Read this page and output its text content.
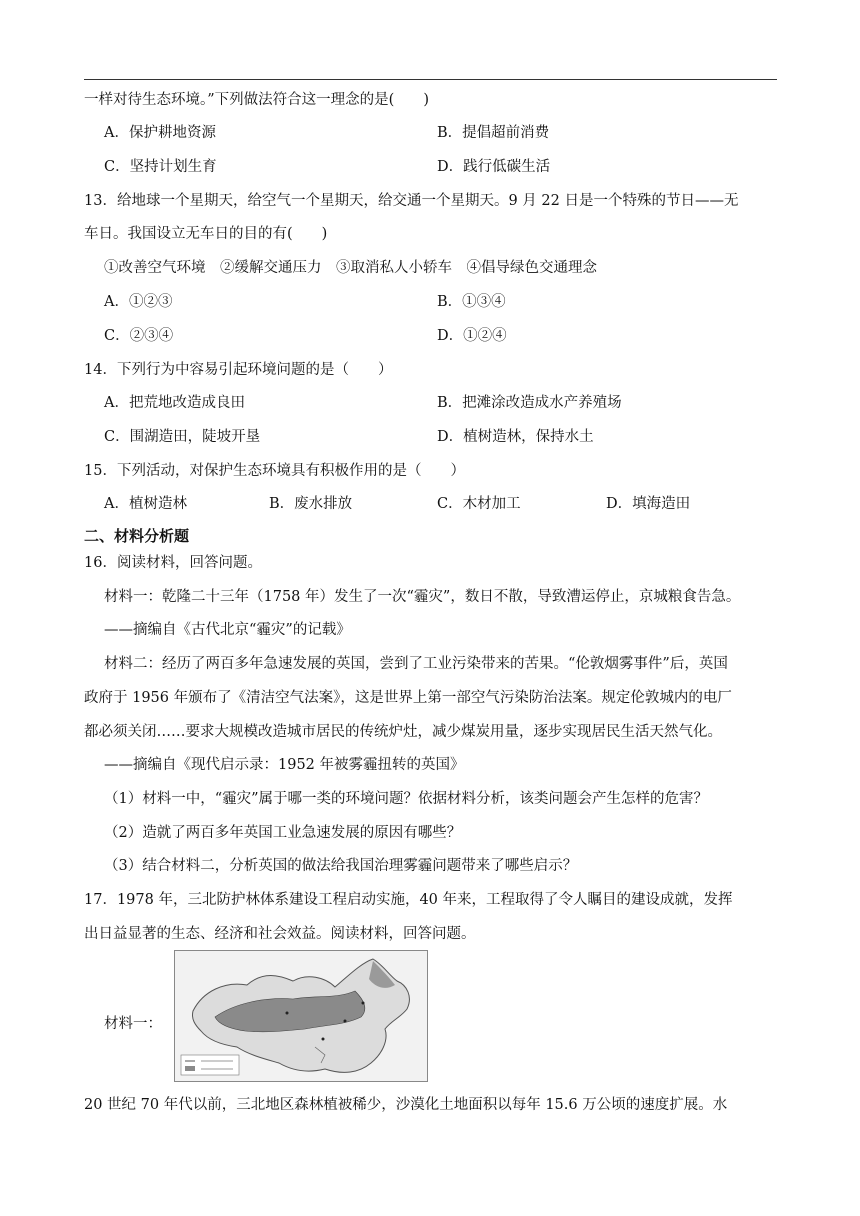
一样对待生态环境。”下列做法符合这一理念的是(　　)
A．保护耕地资源	B．提倡超前消费
C．坚持计划生育	D．践行低碳生活
13．给地球一个星期天，给空气一个星期天，给交通一个星期天。9 月 22 日是一个特殊的节日——无
车日。我国设立无车日的目的有(　　)
①改善空气环境　②缓解交通压力　③取消私人小轿车　④倡导绿色交通理念
A．①②③	B．①③④
C．②③④	D．①②④
14．下列行为中容易引起环境问题的是（　　）
A．把荒地改造成良田	B．把滩涂改造成水产养殖场
C．围湖造田，陡坡开垦	D．植树造林，保持水土
15．下列活动，对保护生态环境具有积极作用的是（　　）
A．植树造林	B．废水排放	C．木材加工	D．填海造田
二、材料分析题
16．阅读材料，回答问题。
材料一：乾隆二十三年（1758 年）发生了一次“霾灾”，数日不散，导致漕运停止，京城粮食告急。
——摘编自《古代北京“霾灾”的记载》
材料二：经历了两百多年急速发展的英国，尝到了工业污染带来的苦果。“伦敦烟雾事件”后，英国
政府于 1956 年颁布了《清洁空气法案》，这是世界上第一部空气污染防治法案。规定伦敦城内的电厂
都必须关闭……要求大规模改造城市居民的传统炉灶，减少煤炭用量，逐步实现居民生活天然气化。
——摘编自《现代启示录：1952 年被雾霾扭转的英国》
（1）材料一中，“霾灾”属于哪一类的环境问题？依据材料分析，该类问题会产生怎样的危害？
（2）造就了两百多年英国工业急速发展的原因有哪些？
（3）结合材料二，分析英国的做法给我国治理雾霾问题带来了哪些启示？
17．1978 年，三北防护林体系建设工程启动实施，40 年来，工程取得了令人瞩目的建设成就，发挥
出日益显著的生态、经济和社会效益。阅读材料，回答问题。
材料一：
20 世纪 70 年代以前，三北地区森林植被稀少，沙漠化土地面积以每年 15.6 万公顷的速度扩展。水
